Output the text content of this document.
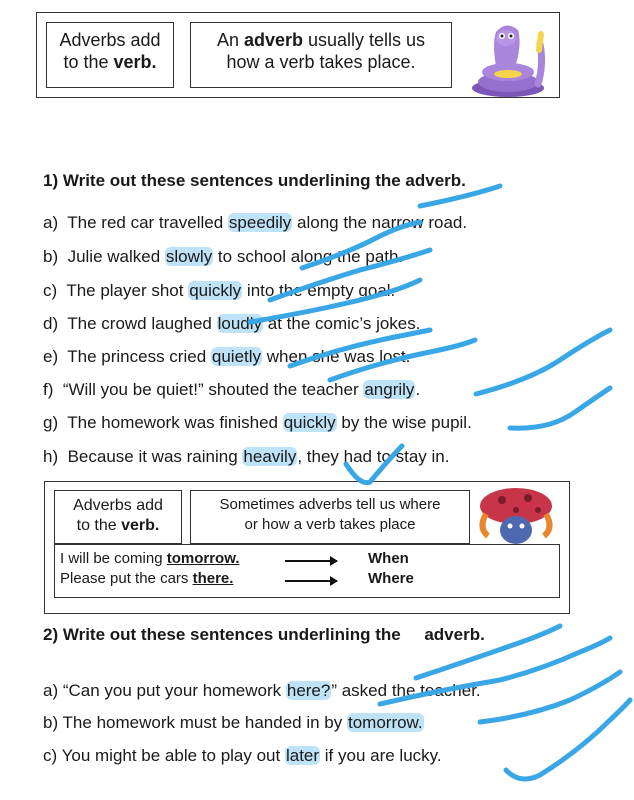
Adverbs add
to the verb.
An adverb usually tells us
how a verb takes place.
1) Write out these sentences underlining the adverb.
a) The red car travelled speedily along the narrow road.
b) Julie walked slowly to school along the path.
c) The player shot quickly into the empty goal.
d) The crowd laughed loudly at the comic’s jokes.
e) The princess cried quietly when she was lost.
f) “Will you be quiet!” shouted the teacher angrily.
g) The homework was finished quickly by the wise pupil.
h) Because it was raining heavily, they had to stay in.
Adverbs add
to the verb.
Sometimes adverbs tell us where
or how a verb takes place
I will be coming tomorrow.	When
Please put the cars there.	Where
2) Write out these sentences underlining the adverb.
a) “Can you put your homework here?” asked the teacher.
b) The homework must be handed in by tomorrow.
c) You might be able to play out later if you are lucky.
